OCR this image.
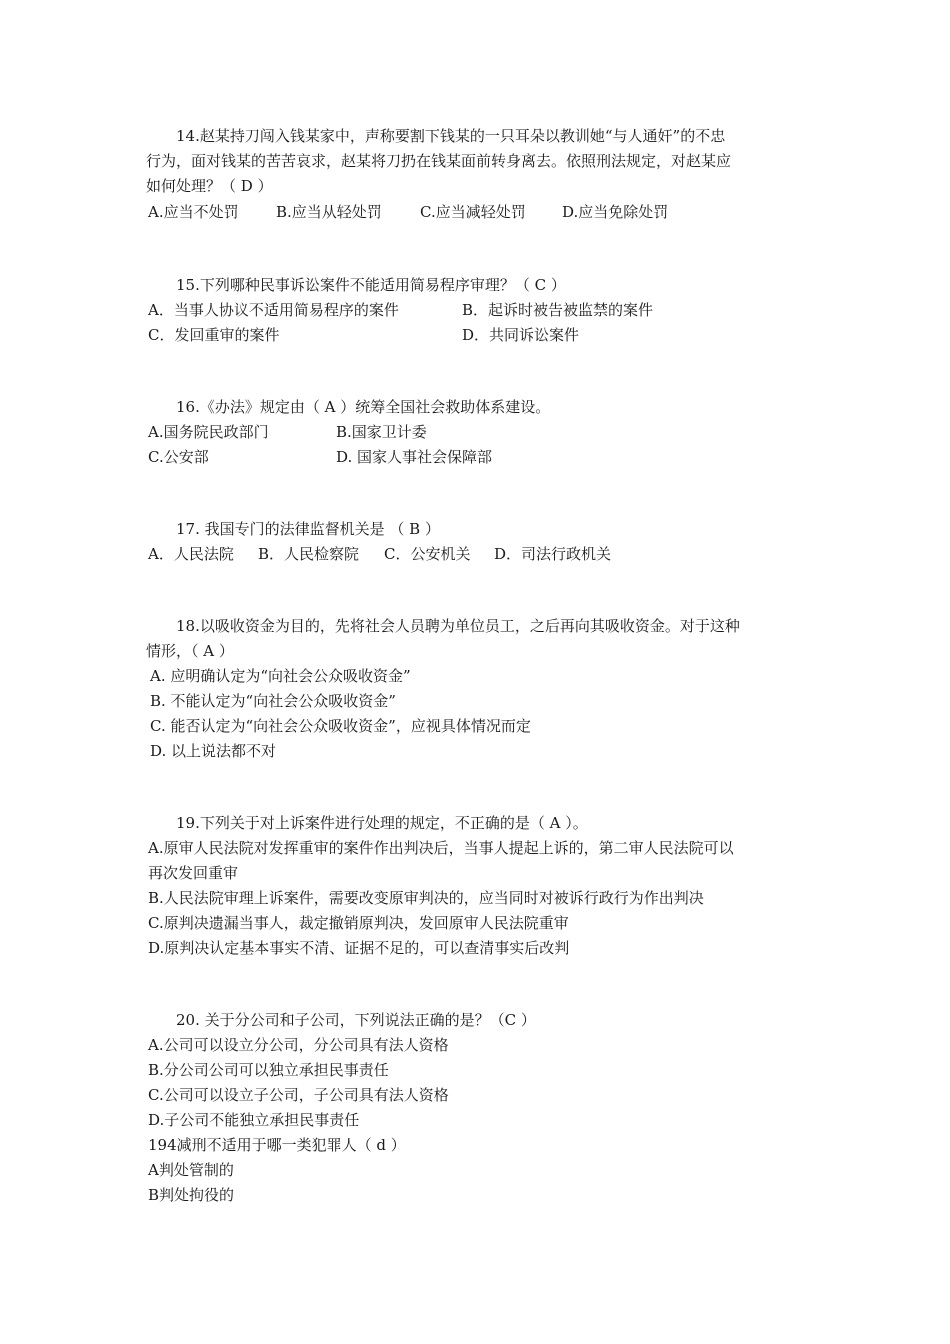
14.赵某持刀闯入钱某家中，声称要割下钱某的一只耳朵以教训她“与人通奸”的不忠
行为，面对钱某的苦苦哀求，赵某将刀扔在钱某面前转身离去。依照刑法规定，对赵某应
如何处理？（ D ）
A.应当不处罚 B.应当从轻处罚	C.应当减轻处罚 D.应当免除处罚
15.下列哪种民事诉讼案件不能适用简易程序审理？（ C ）
A．当事人协议不适用简易程序的案件	B．起诉时被告被监禁的案件
C．发回重审的案件	D．共同诉讼案件
16.《办法》规定由（ A ）统筹全国社会救助体系建设。
A.国务院民政部门	B.国家卫计委
C.公安部	D. 国家人事社会保障部
17. 我国专门的法律监督机关是 （ B ）
A．人民法院 B．人民检察院 C．公安机关 D．司法行政机关
18.以吸收资金为目的，先将社会人员聘为单位员工，之后再向其吸收资金。对于这种
情形，（ A ）
A. 应明确认定为“向社会公众吸收资金”
B. 不能认定为“向社会公众吸收资金”
C. 能否认定为“向社会公众吸收资金”，应视具体情况而定
D. 以上说法都不对
19.下列关于对上诉案件进行处理的规定，不正确的是（ A ）。
A.原审人民法院对发挥重审的案件作出判决后，当事人提起上诉的，第二审人民法院可以
再次发回重审
B.人民法院审理上诉案件，需要改变原审判决的，应当同时对被诉行政行为作出判决
C.原判决遗漏当事人，裁定撤销原判决，发回原审人民法院重审
D.原判决认定基本事实不清、证据不足的，可以查清事实后改判
20. 关于分公司和子公司，下列说法正确的是？（C ）
A.公司可以设立分公司，分公司具有法人资格
B.分公司公司可以独立承担民事责任
C.公司可以设立子公司，子公司具有法人资格
D.子公司不能独立承担民事责任
194减刑不适用于哪一类犯罪人（ d ）
A判处管制的
B判处拘役的
